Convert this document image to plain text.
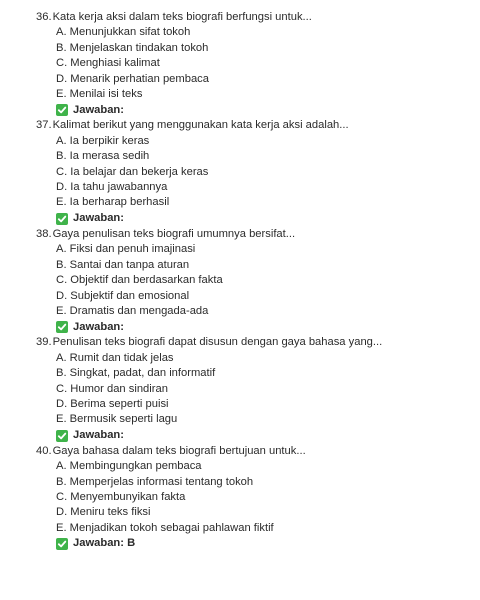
36. Kata kerja aksi dalam teks biografi berfungsi untuk...
A. Menunjukkan sifat tokoh
B. Menjelaskan tindakan tokoh
C. Menghiasi kalimat
D. Menarik perhatian pembaca
E. Menilai isi teks
Jawaban:
37. Kalimat berikut yang menggunakan kata kerja aksi adalah...
A. Ia berpikir keras
B. Ia merasa sedih
C. Ia belajar dan bekerja keras
D. Ia tahu jawabannya
E. Ia berharap berhasil
Jawaban:
38. Gaya penulisan teks biografi umumnya bersifat...
A. Fiksi dan penuh imajinasi
B. Santai dan tanpa aturan
C. Objektif dan berdasarkan fakta
D. Subjektif dan emosional
E. Dramatis dan mengada-ada
Jawaban:
39. Penulisan teks biografi dapat disusun dengan gaya bahasa yang...
A. Rumit dan tidak jelas
B. Singkat, padat, dan informatif
C. Humor dan sindiran
D. Berima seperti puisi
E. Bermusik seperti lagu
Jawaban:
40. Gaya bahasa dalam teks biografi bertujuan untuk...
A. Membingungkan pembaca
B. Memperjelas informasi tentang tokoh
C. Menyembunyikan fakta
D. Meniru teks fiksi
E. Menjadikan tokoh sebagai pahlawan fiktif
Jawaban: B
